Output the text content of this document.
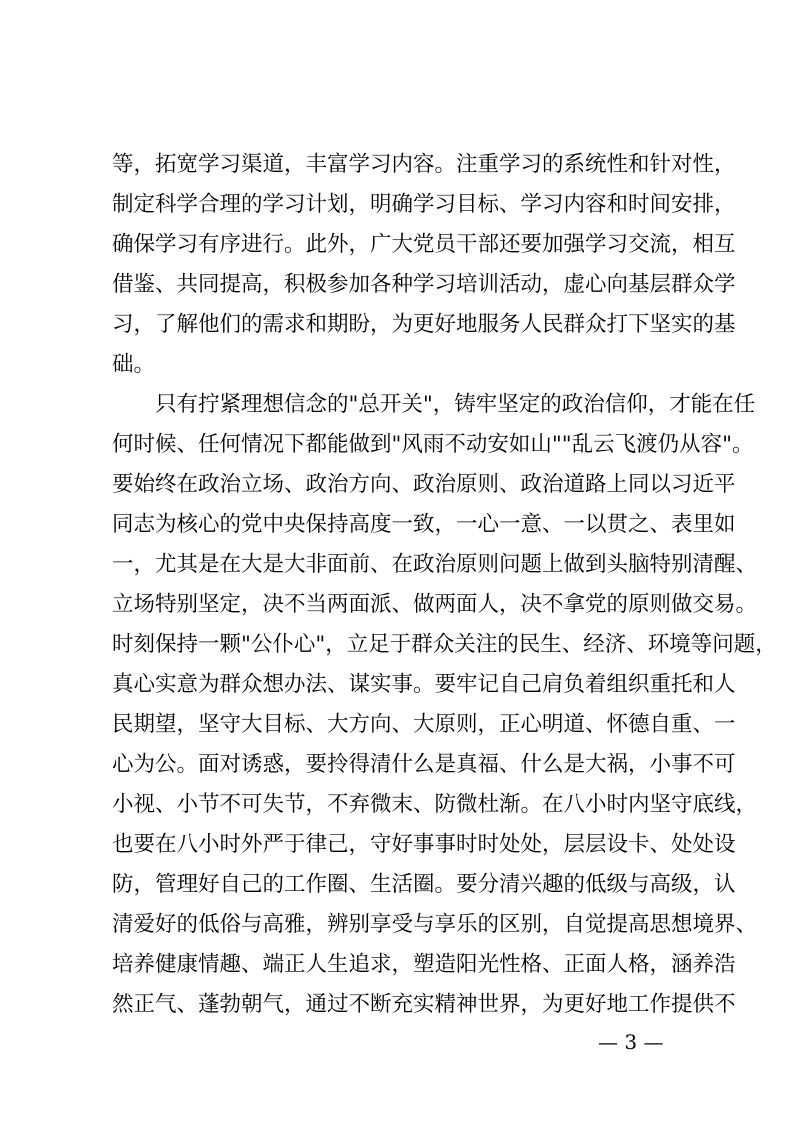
等，拓宽学习渠道，丰富学习内容。注重学习的系统性和针对性，
制定科学合理的学习计划，明确学习目标、学习内容和时间安排，
确保学习有序进行。此外，广大党员干部还要加强学习交流，相互
借鉴、共同提高，积极参加各种学习培训活动，虚心向基层群众学
习，了解他们的需求和期盼，为更好地服务人民群众打下坚实的基
础。
　　只有拧紧理想信念的"总开关"，铸牢坚定的政治信仰，才能在任
何时候、任何情况下都能做到"风雨不动安如山""乱云飞渡仍从容"。
要始终在政治立场、政治方向、政治原则、政治道路上同以习近平
同志为核心的党中央保持高度一致，一心一意、一以贯之、表里如
一，尤其是在大是大非面前、在政治原则问题上做到头脑特别清醒、
立场特别坚定，决不当两面派、做两面人，决不拿党的原则做交易。
时刻保持一颗"公仆心"，立足于群众关注的民生、经济、环境等问题，
真心实意为群众想办法、谋实事。要牢记自己肩负着组织重托和人
民期望，坚守大目标、大方向、大原则，正心明道、怀德自重、一
心为公。面对诱惑，要拎得清什么是真福、什么是大祸，小事不可
小视、小节不可失节，不弃微末、防微杜渐。在八小时内坚守底线，
也要在八小时外严于律己，守好事事时时处处，层层设卡、处处设
防，管理好自己的工作圈、生活圈。要分清兴趣的低级与高级，认
清爱好的低俗与高雅，辨别享受与享乐的区别，自觉提高思想境界、
培养健康情趣、端正人生追求，塑造阳光性格、正面人格，涵养浩
然正气、蓬勃朝气，通过不断充实精神世界，为更好地工作提供不
— 3 —
